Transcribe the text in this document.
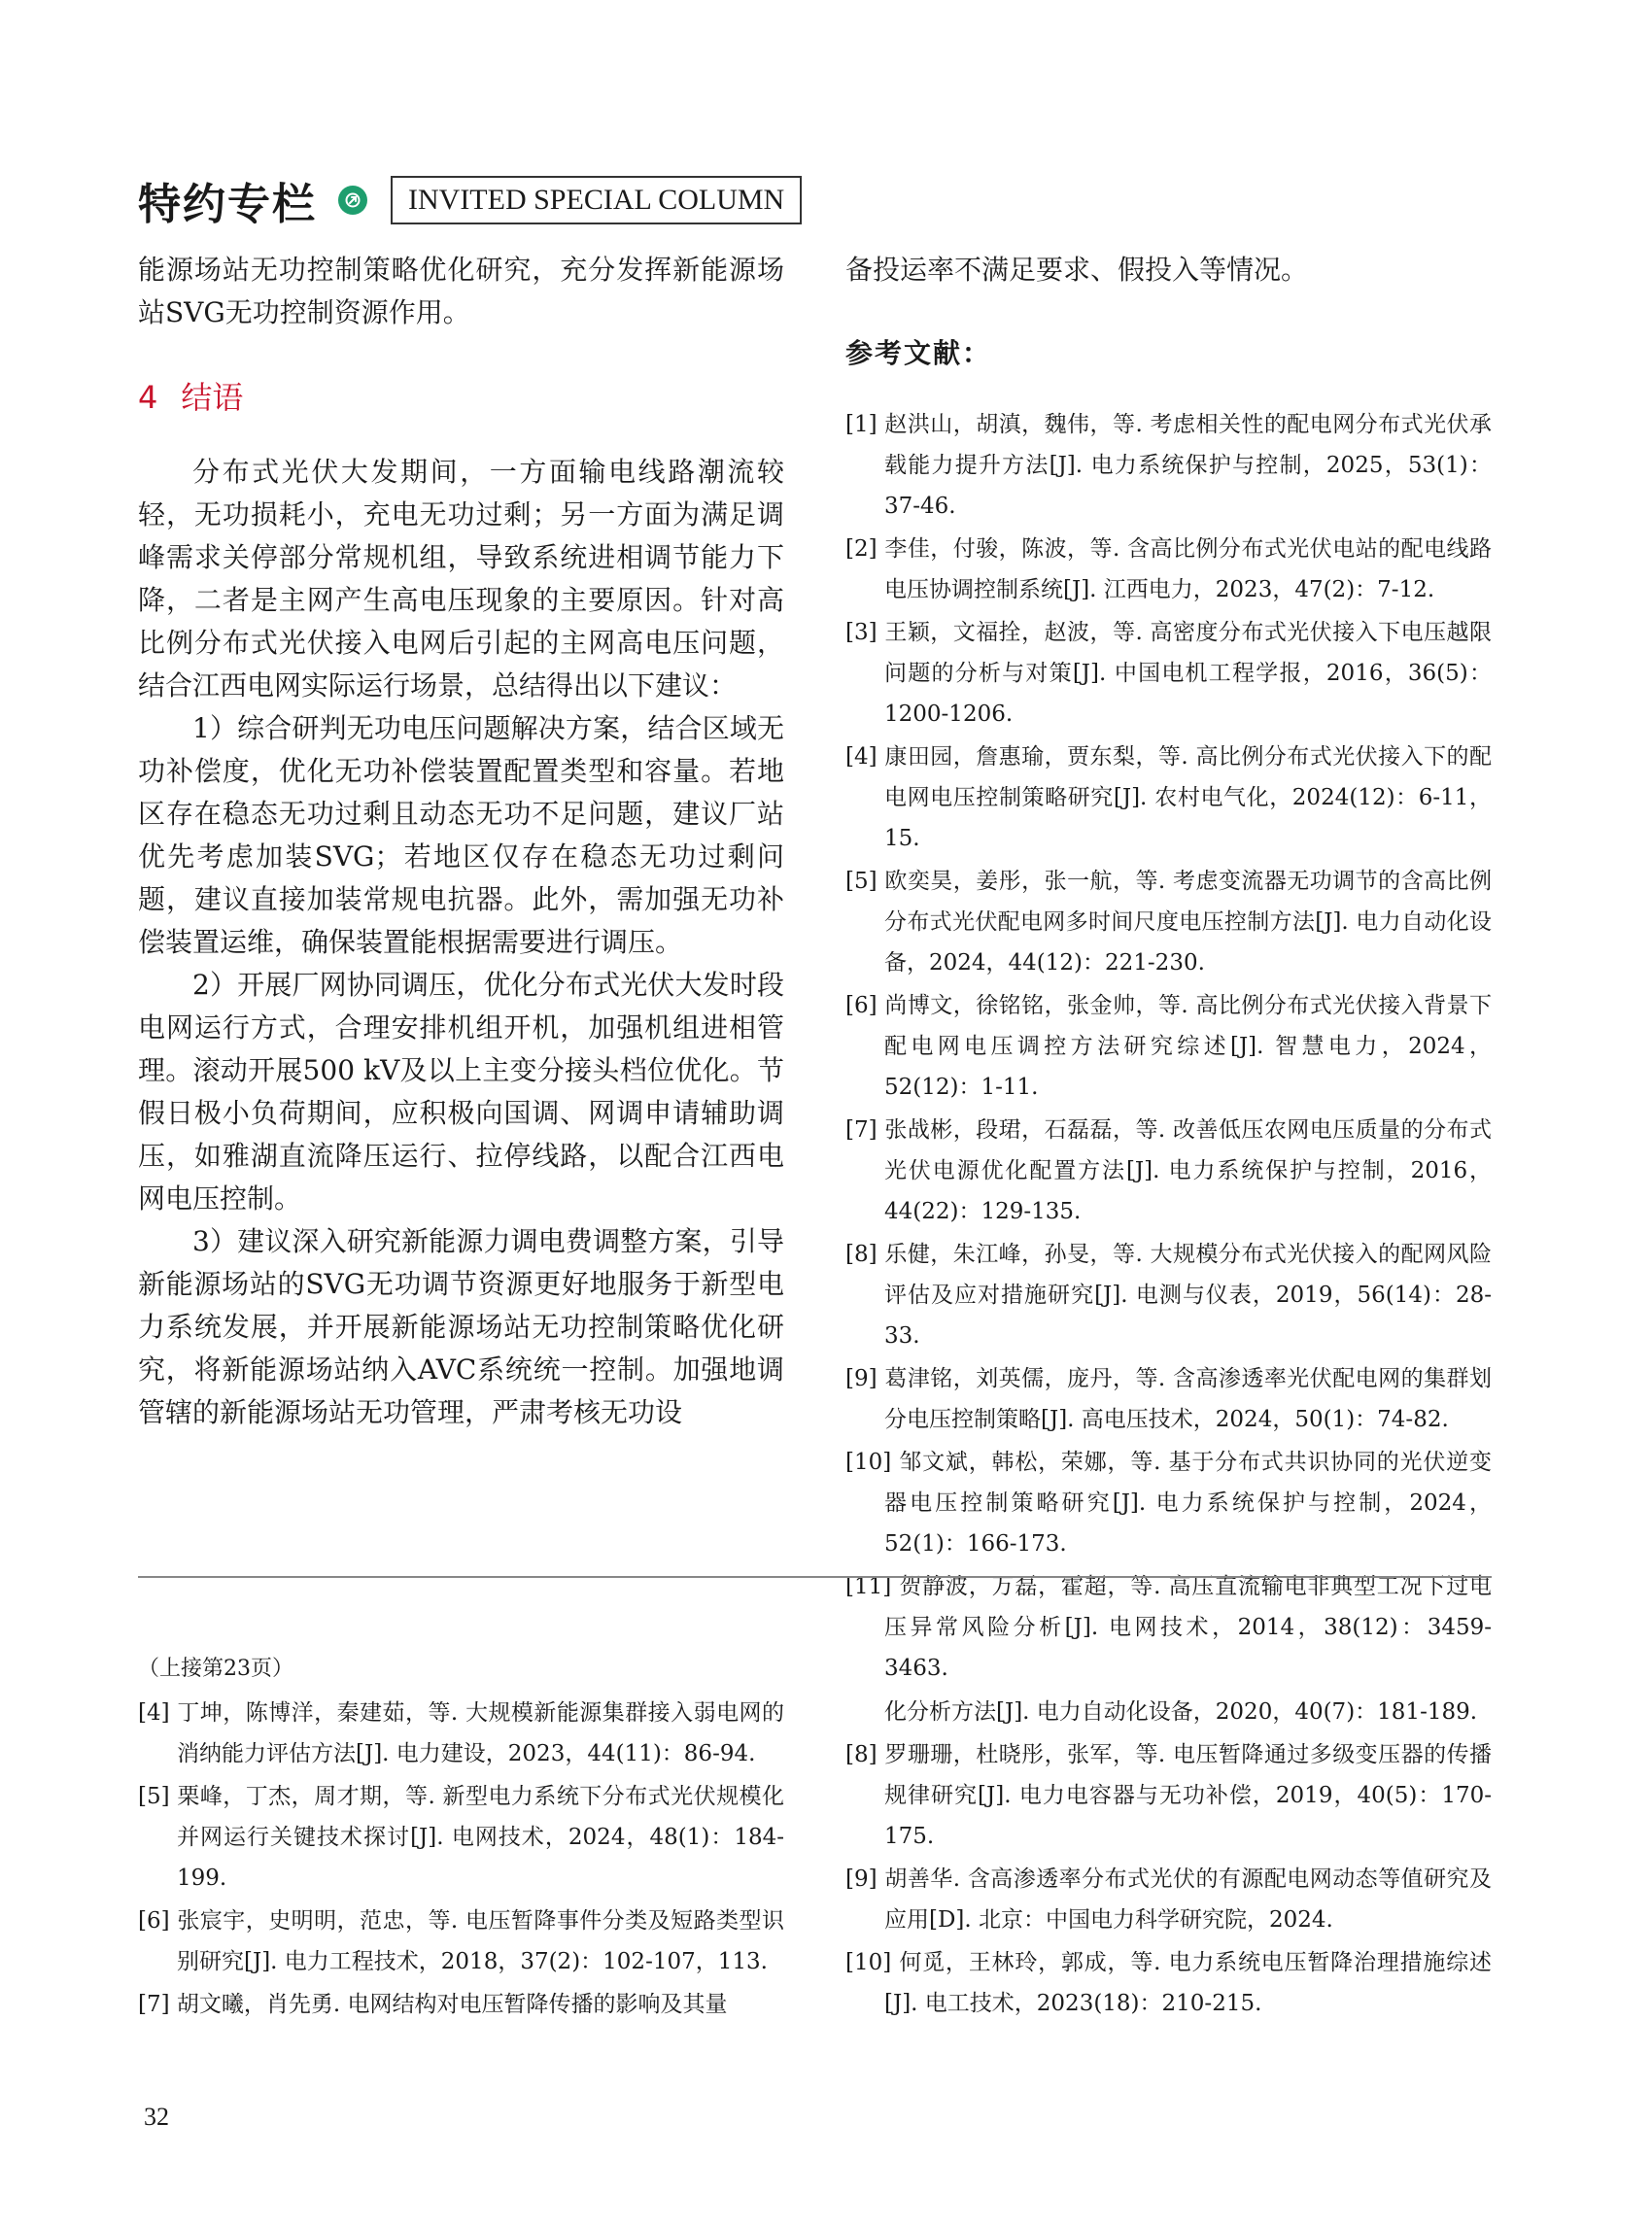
特约专栏	INVITED SPECIAL COLUMN

能源场站无功控制策略优化研究，充分发挥新能源场站SVG无功控制资源作用。

4 结语

分布式光伏大发期间，一方面输电线路潮流较轻，无功损耗小，充电无功过剩；另一方面为满足调峰需求关停部分常规机组，导致系统进相调节能力下降，二者是主网产生高电压现象的主要原因。针对高比例分布式光伏接入电网后引起的主网高电压问题，结合江西电网实际运行场景，总结得出以下建议：

1）综合研判无功电压问题解决方案，结合区域无功补偿度，优化无功补偿装置配置类型和容量。若地区存在稳态无功过剩且动态无功不足问题，建议厂站优先考虑加装SVG；若地区仅存在稳态无功过剩问题，建议直接加装常规电抗器。此外，需加强无功补偿装置运维，确保装置能根据需要进行调压。

2）开展厂网协同调压，优化分布式光伏大发时段电网运行方式，合理安排机组开机，加强机组进相管理。滚动开展500 kV及以上主变分接头档位优化。节假日极小负荷期间，应积极向国调、网调申请辅助调压，如雅湖直流降压运行、拉停线路，以配合江西电网电压控制。

3）建议深入研究新能源力调电费调整方案，引导新能源场站的SVG无功调节资源更好地服务于新型电力系统发展，并开展新能源场站无功控制策略优化研究，将新能源场站纳入AVC系统统一控制。加强地调管辖的新能源场站无功管理，严肃考核无功设

备投运率不满足要求、假投入等情况。

参考文献：
[1] 赵洪山，胡滇，魏伟，等. 考虑相关性的配电网分布式光伏承载能力提升方法[J]. 电力系统保护与控制，2025，53(1)：37-46.
[2] 李佳，付骏，陈波，等. 含高比例分布式光伏电站的配电线路电压协调控制系统[J]. 江西电力，2023，47(2)：7-12.
[3] 王颖，文福拴，赵波，等. 高密度分布式光伏接入下电压越限问题的分析与对策[J]. 中国电机工程学报，2016，36(5)：1200-1206.
[4] 康田园，詹惠瑜，贾东梨，等. 高比例分布式光伏接入下的配电网电压控制策略研究[J]. 农村电气化，2024(12)：6-11，15.
[5] 欧奕昊，姜彤，张一航，等. 考虑变流器无功调节的含高比例分布式光伏配电网多时间尺度电压控制方法[J]. 电力自动化设备，2024，44(12)：221-230.
[6] 尚博文，徐铭铭，张金帅，等. 高比例分布式光伏接入背景下配电网电压调控方法研究综述[J]. 智慧电力，2024，52(12)：1-11.
[7] 张战彬，段珺，石磊磊，等. 改善低压农网电压质量的分布式光伏电源优化配置方法[J]. 电力系统保护与控制，2016，44(22)：129-135.
[8] 乐健，朱江峰，孙旻，等. 大规模分布式光伏接入的配网风险评估及应对措施研究[J]. 电测与仪表，2019，56(14)：28-33.
[9] 葛津铭，刘英儒，庞丹，等. 含高渗透率光伏配电网的集群划分电压控制策略[J]. 高电压技术，2024，50(1)：74-82.
[10] 邹文斌，韩松，荣娜，等. 基于分布式共识协同的光伏逆变器电压控制策略研究[J]. 电力系统保护与控制，2024，52(1)：166-173.
[11] 贺静波，万磊，霍超，等. 高压直流输电非典型工况下过电压异常风险分析[J]. 电网技术，2014，38(12)：3459-3463.
（上接第23页）
[4] 丁坤，陈博洋，秦建茹，等. 大规模新能源集群接入弱电网的消纳能力评估方法[J]. 电力建设，2023，44(11)：86-94.
[5] 栗峰，丁杰，周才期，等. 新型电力系统下分布式光伏规模化并网运行关键技术探讨[J]. 电网技术，2024，48(1)：184-199.
[6] 张宸宇，史明明，范忠，等. 电压暂降事件分类及短路类型识别研究[J]. 电力工程技术，2018，37(2)：102-107，113.
[7] 胡文曦，肖先勇. 电网结构对电压暂降传播的影响及其量
化分析方法[J]. 电力自动化设备，2020，40(7)：181-189.
[8] 罗珊珊，杜晓彤，张军，等. 电压暂降通过多级变压器的传播规律研究[J]. 电力电容器与无功补偿，2019，40(5)：170-175.
[9] 胡善华. 含高渗透率分布式光伏的有源配电网动态等值研究及应用[D]. 北京：中国电力科学研究院，2024.
[10] 何觅，王林玲，郭成，等. 电力系统电压暂降治理措施综述[J]. 电工技术，2023(18)：210-215.
32
